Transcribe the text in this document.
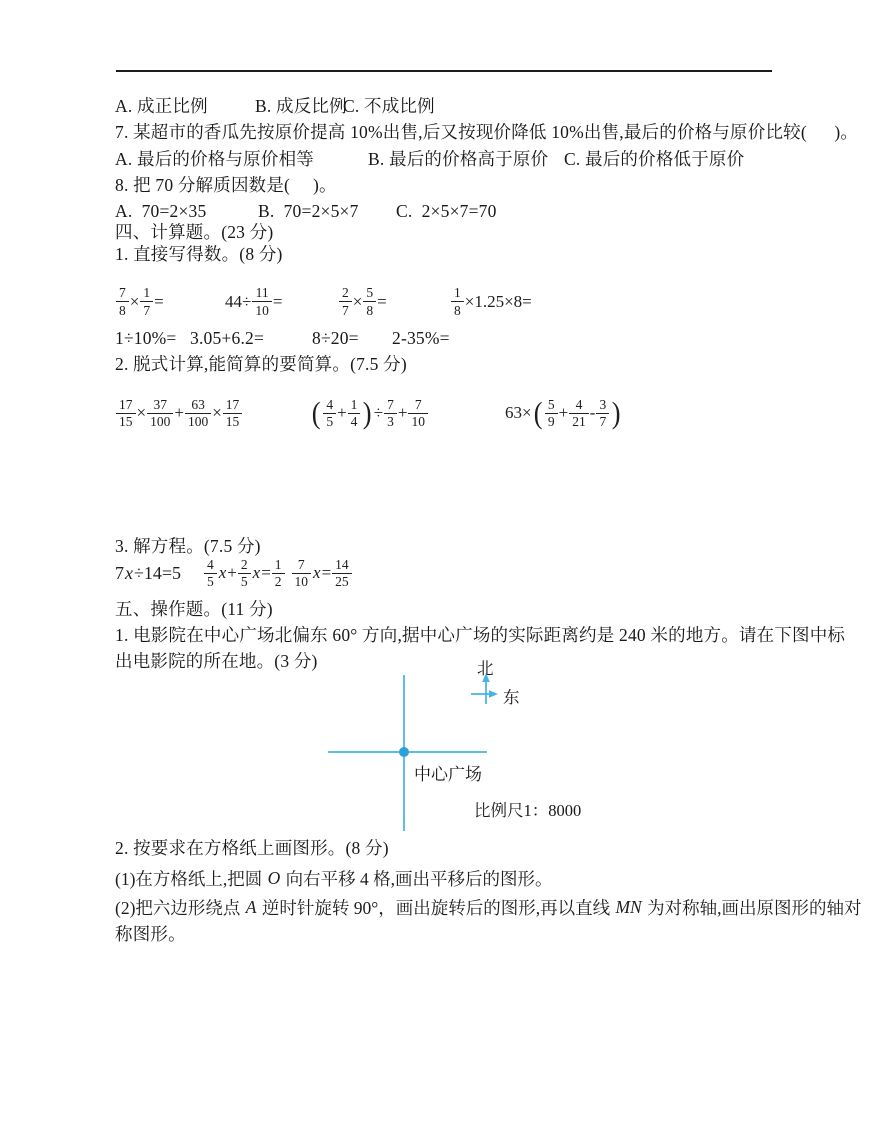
A. 成正比例	B. 成反比例
C. 不成比例
7. 某超市的香瓜先按原价提高 10%出售,后又按现价降低 10%出售,最后的价格与原价比较(      )。
A. 最后的价格与原价相等	B. 最后的价格高于原价 C. 最后的价格低于原价
8. 把 70 分解质因数是(     )。
A.  70=2×35	B.  70=2×5×7 C.  2×5×7=70
四、计算题。(23 分)
1. 直接写得数。(8 分)
$\frac{7}{8} \times \frac{1}{7}$ =	$44\div \frac{11}{10}$ =	$\frac{2}{7} \times \frac{5}{8}$ =	$\frac{1}{8} \times 1.25\times 8=$
1÷10%= 3.05+6.2=	8÷20= 2-35%=
2. 脱式计算,能简算的要简算。(7.5 分)
$\frac{17}{15} \times \frac{37}{100} + \frac{63}{100} \times \frac{17}{15}$ ( $\frac{4}{5} + \frac{1}{4}$ ) ÷ $\frac{7}{3} + \frac{7}{10}$	63× ( $\frac{5}{9} + \frac{4}{21} - \frac{3}{7}$ )
3. 解方程。(7.5 分)
7 $x \div 14=5 \frac{4}{5}$ $x + \frac{2}{5}$ $x = \frac{1}{2} \frac{7}{10}$ $x = \frac{14}{25}$
五、操作题。(11 分)
1. 电影院在中心广场北偏东 60° 方向,据中心广场的实际距离约是 240 米的地方。请在下图中标
出电影院的所在地。(3 分)	北
东
中心广场
比例尺1：8000
2. 按要求在方格纸上画图形。(8 分)
(1)在方格纸上,把圆 O 向右平移 4 格,画出平移后的图形。
(2)把六边形绕点 A 逆时针旋转 90°，画出旋转后的图形,再以直线 MN 为对称轴,画出原图形的轴对
称图形。
